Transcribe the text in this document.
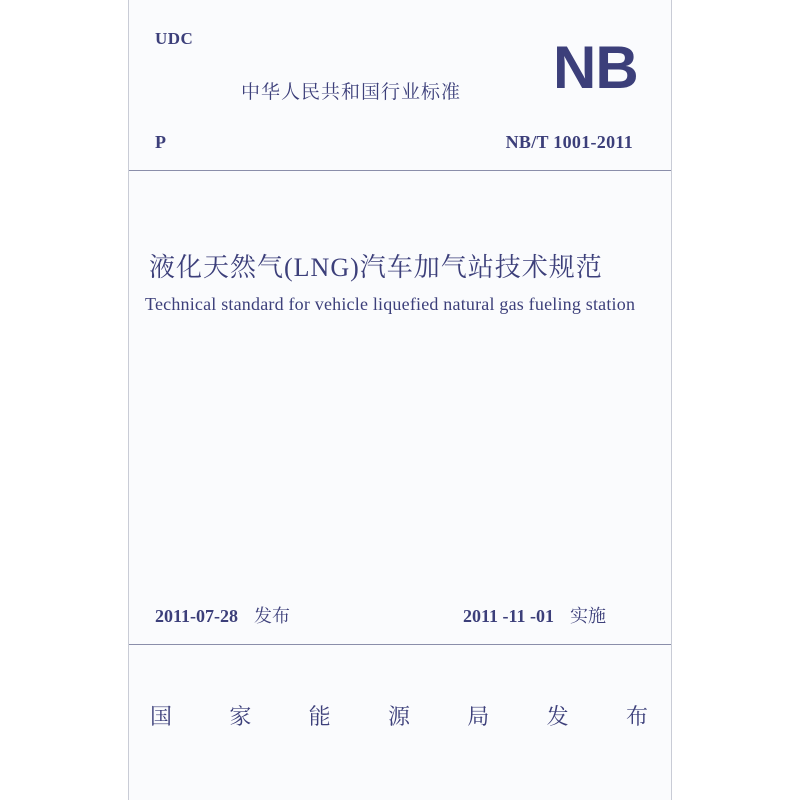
UDC
中华人民共和国行业标准 NB
P	NB/T 1001-2011
液化天然气(LNG)汽车加气站技术规范
Technical standard for vehicle liquefied natural gas fueling station
2011-07-28 发布	2011 -11 -01 实施
国	家	能	源	局	发	布
